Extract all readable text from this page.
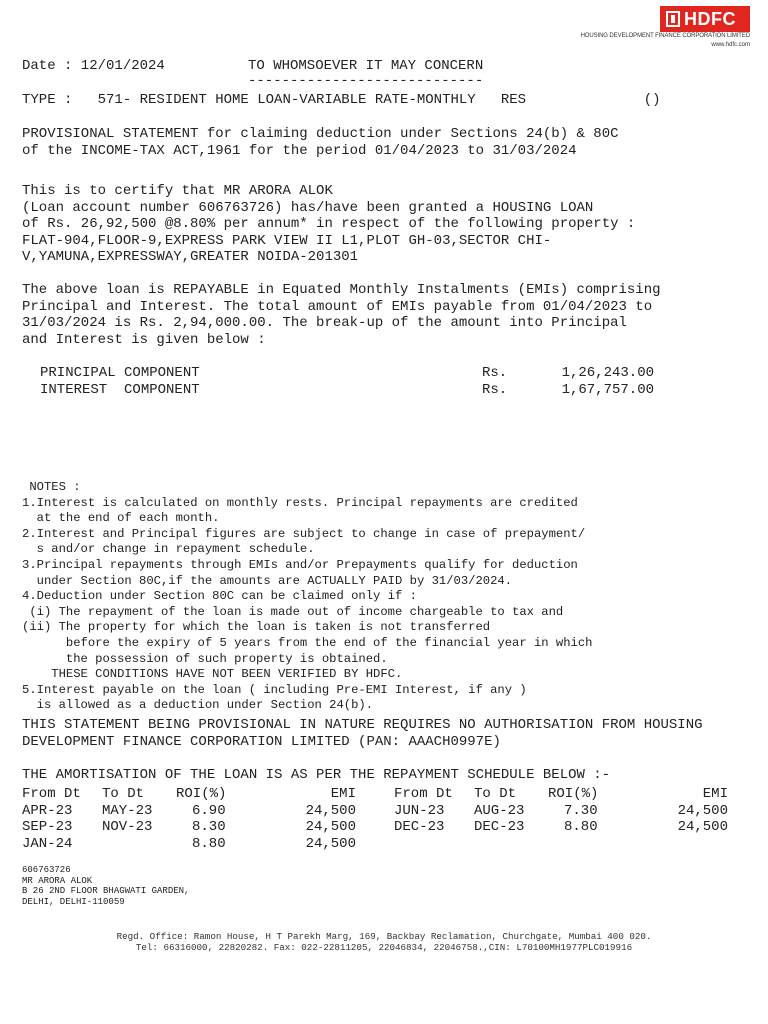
HDFC
HOUSING DEVELOPMENT FINANCE CORPORATION LIMITED
www.hdfc.com
Date : 12/01/2024	TO WHOMSOEVER IT MAY CONCERN
----------------------------
TYPE :   571- RESIDENT HOME LOAN-VARIABLE RATE-MONTHLY   RES              ()
PROVISIONAL STATEMENT for claiming deduction under Sections 24(b) & 80C
of the INCOME-TAX ACT,1961 for the period 01/04/2023 to 31/03/2024
This is to certify that MR ARORA ALOK
(Loan account number 606763726) has/have been granted a HOUSING LOAN
of Rs. 26,92,500 @8.80% per annum* in respect of the following property :
FLAT-904,FLOOR-9,EXPRESS PARK VIEW II L1,PLOT GH-03,SECTOR CHI-
V,YAMUNA,EXPRESSWAY,GREATER NOIDA-201301
The above loan is REPAYABLE in Equated Monthly Instalments (EMIs) comprising
Principal and Interest. The total amount of EMIs payable from 01/04/2023 to
31/03/2024 is Rs. 2,94,000.00. The break-up of the amount into Principal
and Interest is given below :
PRINCIPAL COMPONENT	Rs.	1,26,243.00
INTEREST  COMPONENT	Rs.	1,67,757.00
NOTES :
1.Interest is calculated on monthly rests. Principal repayments are credited
at the end of each month.
2.Interest and Principal figures are subject to change in case of prepayment/
s and/or change in repayment schedule.
3.Principal repayments through EMIs and/or Prepayments qualify for deduction
under Section 80C,if the amounts are ACTUALLY PAID by 31/03/2024.
4.Deduction under Section 80C can be claimed only if :
(i) The repayment of the loan is made out of income chargeable to tax and
(ii) The property for which the loan is taken is not transferred
before the expiry of 5 years from the end of the financial year in which
the possession of such property is obtained.
THESE CONDITIONS HAVE NOT BEEN VERIFIED BY HDFC.
5.Interest payable on the loan ( including Pre-EMI Interest, if any )
is allowed as a deduction under Section 24(b).
THIS STATEMENT BEING PROVISIONAL IN NATURE REQUIRES NO AUTHORISATION FROM HOUSING
DEVELOPMENT FINANCE CORPORATION LIMITED (PAN: AAACH0997E)
THE AMORTISATION OF THE LOAN IS AS PER THE REPAYMENT SCHEDULE BELOW :-
From Dt	To Dt	ROI(%)	EMI		From Dt	To Dt	ROI(%)	EMI
APR-23	MAY-23	6.90	24,500		JUN-23	AUG-23	7.30	24,500
SEP-23	NOV-23	8.30	24,500		DEC-23	DEC-23	8.80	24,500
JAN-24		8.80	24,500					
606763726
MR ARORA ALOK
B 26 2ND FLOOR BHAGWATI GARDEN,
DELHI, DELHI-110059
Regd. Office: Ramon House, H T Parekh Marg, 169, Backbay Reclamation, Churchgate, Mumbai 400 020.
Tel: 66316000, 22820282. Fax: 022-22811205, 22046834, 22046758.,CIN: L70100MH1977PLC019916
